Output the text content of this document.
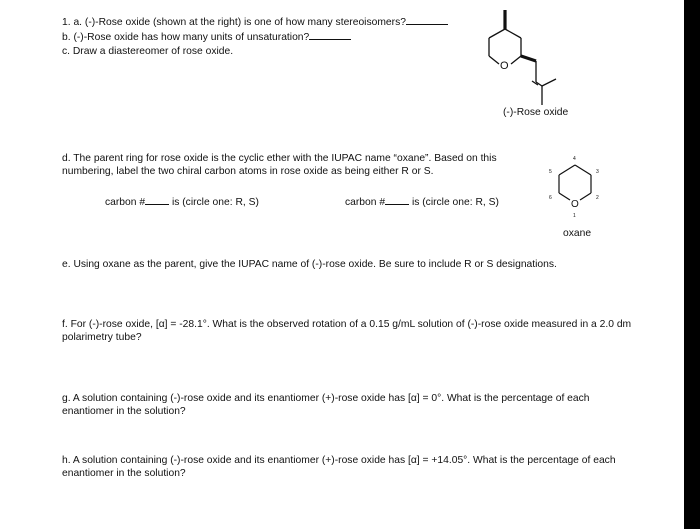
1. a. (-)-Rose oxide (shown at the right) is one of how many stereoisomers?
b. (-)-Rose oxide has how many units of unsaturation?
c. Draw a diastereomer of rose oxide.
O
(-)-Rose oxide
d. The parent ring for rose oxide is the cyclic ether with the IUPAC name “oxane”. Based on this numbering, label the two chiral carbon atoms in rose oxide as being either R or S.
carbon # is (circle one: R, S)	carbon # is (circle one: R, S)	O
1
2
3
4
5
6
oxane
e. Using oxane as the parent, give the IUPAC name of (-)-rose oxide. Be sure to include R or S designations.
f. For (-)-rose oxide, [α] = -28.1°. What is the observed rotation of a 0.15 g/mL solution of (-)-rose oxide measured in a 2.0 dm polarimetry tube?
g. A solution containing (-)-rose oxide and its enantiomer (+)-rose oxide has [α] = 0°. What is the percentage of each enantiomer in the solution?
h. A solution containing (-)-rose oxide and its enantiomer (+)-rose oxide has [α] = +14.05°. What is the percentage of each enantiomer in the solution?
